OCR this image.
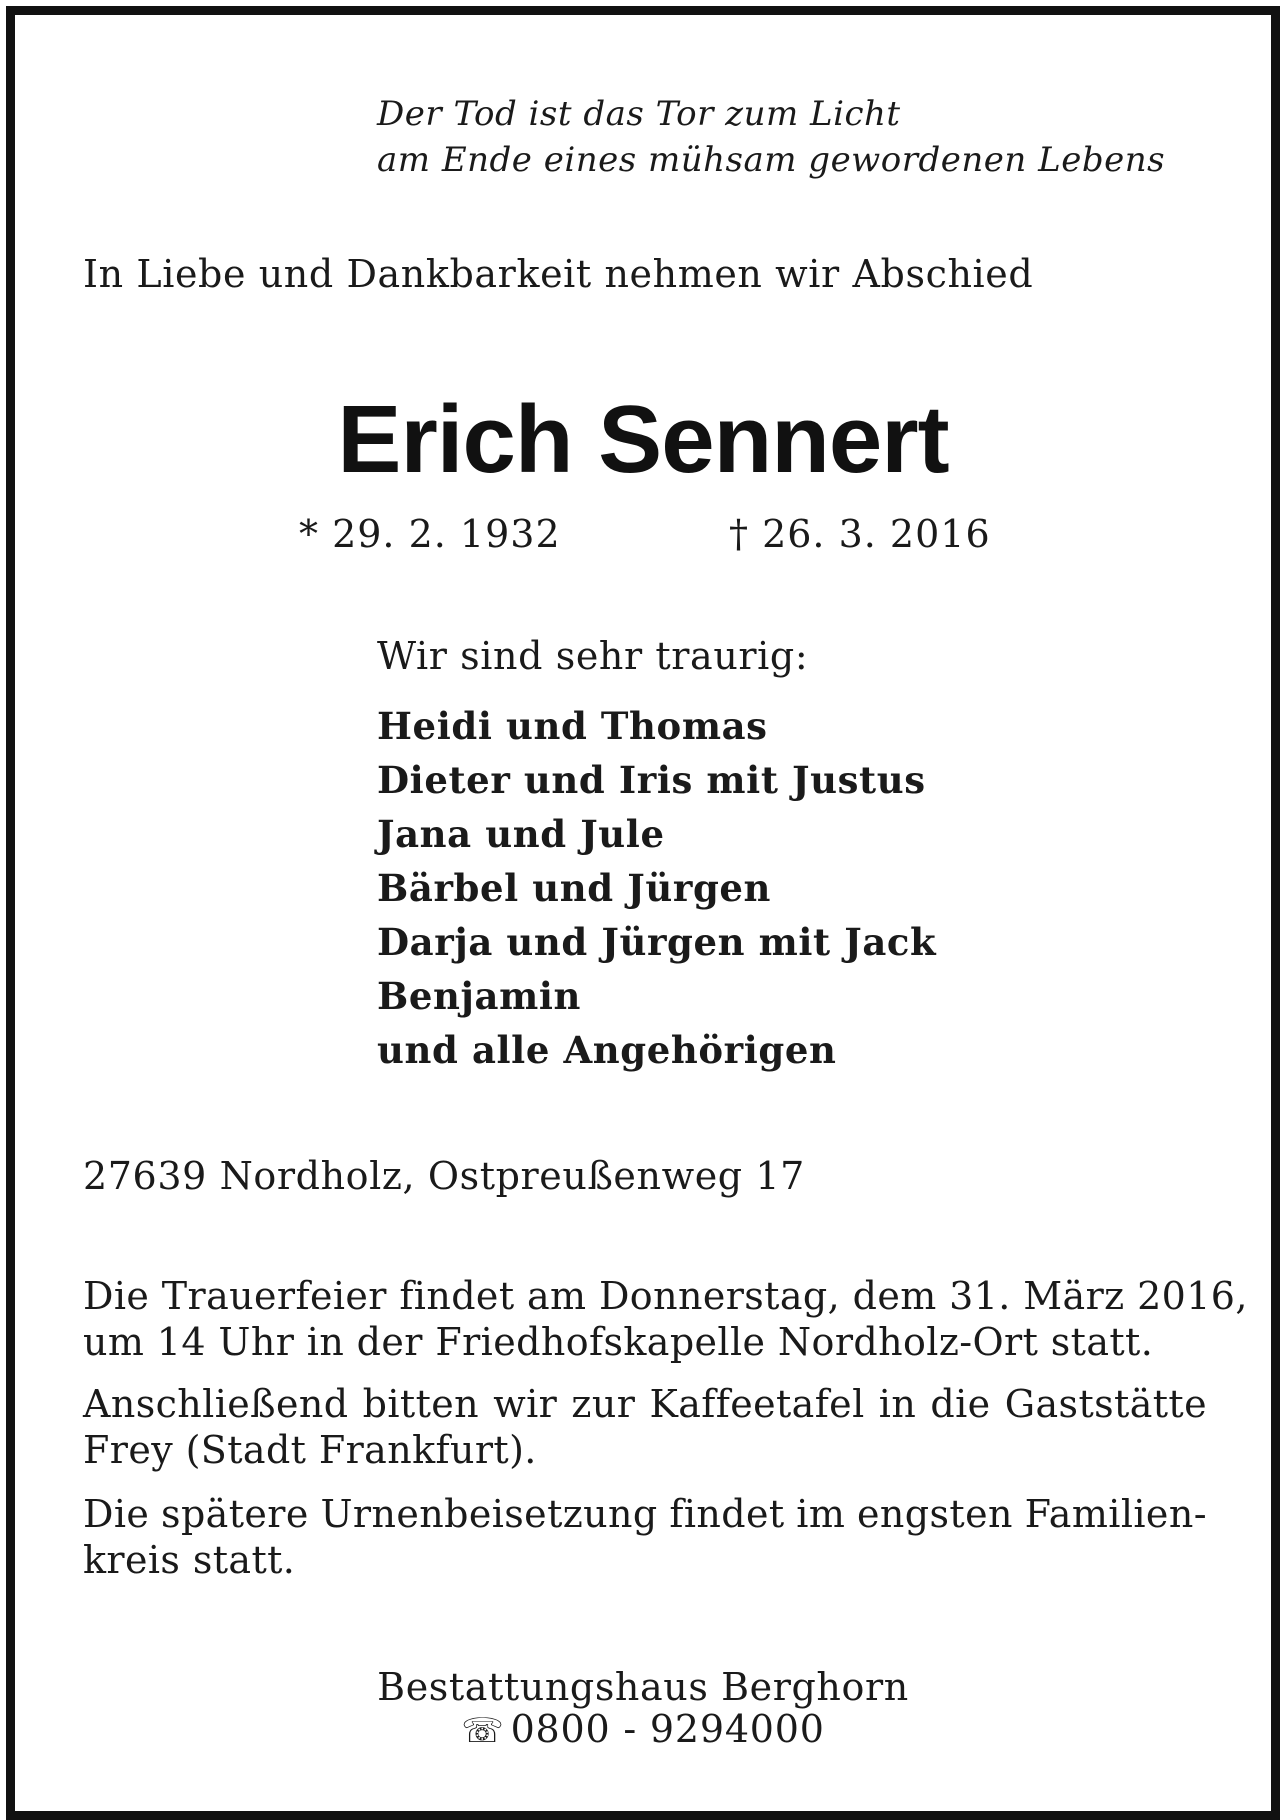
Der Tod ist das Tor zum Licht
am Ende eines mühsam gewordenen Lebens
In Liebe und Dankbarkeit nehmen wir Abschied
Erich Sennert
* 29. 2. 1932	† 26. 3. 2016
Wir sind sehr traurig:
Heidi und Thomas
Dieter und Iris mit Justus
Jana und Jule
Bärbel und Jürgen
Darja und Jürgen mit Jack
Benjamin
und alle Angehörigen
27639 Nordholz, Ostpreußenweg 17
Die Trauerfeier findet am Donnerstag, dem 31. März 2016,
um 14 Uhr in der Friedhofskapelle Nordholz-Ort statt.
Anschließend bitten wir zur Kaffeetafel in die Gaststätte
Frey (Stadt Frankfurt).
Die spätere Urnenbeisetzung findet im engsten Familien-
kreis statt.
Bestattungshaus Berghorn
☏ 0800 - 9294000
